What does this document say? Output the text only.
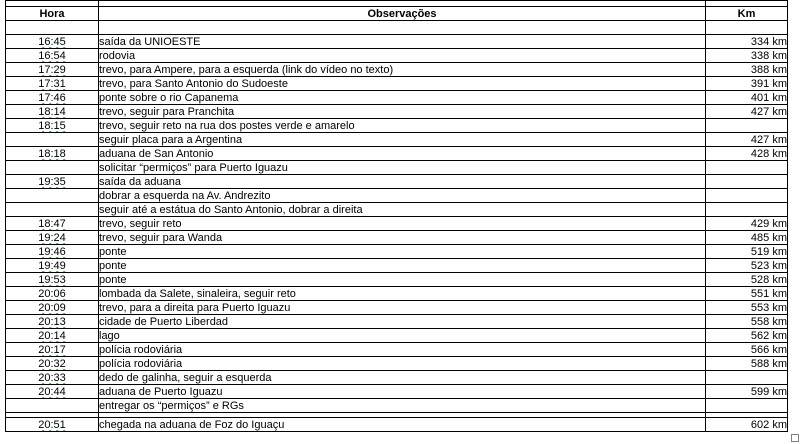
Hora	Observações	Km

16:45	saída da UNIOESTE	334 km
16:54	rodovia	338 km
17:29	trevo, para Ampere, para a esquerda (link do vídeo no texto)	388 km
17:31	trevo, para Santo Antonio do Sudoeste	391 km
17:46	ponte sobre o rio Capanema	401 km
18:14	trevo, seguir para Pranchita	427 km
18:15	trevo, seguir reto na rua dos postes verde e amarelo	
	seguir placa para a Argentina	427 km
18:18	aduana de San Antonio	428 km
	solicitar “permiços” para Puerto Iguazu	
19:35	saída da aduana	
	dobrar a esquerda na Av. Andrezito	
	seguir até a estátua do Santo Antonio, dobrar a direita	
18:47	trevo, seguir reto	429 km
19:24	trevo, seguir para Wanda	485 km
19:46	ponte	519 km
19:49	ponte	523 km
19:53	ponte	528 km
20:06	lombada da Salete, sinaleira, seguir reto	551 km
20:09	trevo, para a direita para Puerto Iguazu	553 km
20:13	cidade de Puerto Liberdad	558 km
20:14	lago	562 km
20:17	polícia rodoviária	566 km
20:32	polícia rodoviária	588 km
20:33	dedo de galinha, seguir a esquerda	
20:44	aduana de Puerto Iguazu	599 km
	entregar os “permiços” e RGs	

20:51	chegada na aduana de Foz do Iguaçu	602 km
